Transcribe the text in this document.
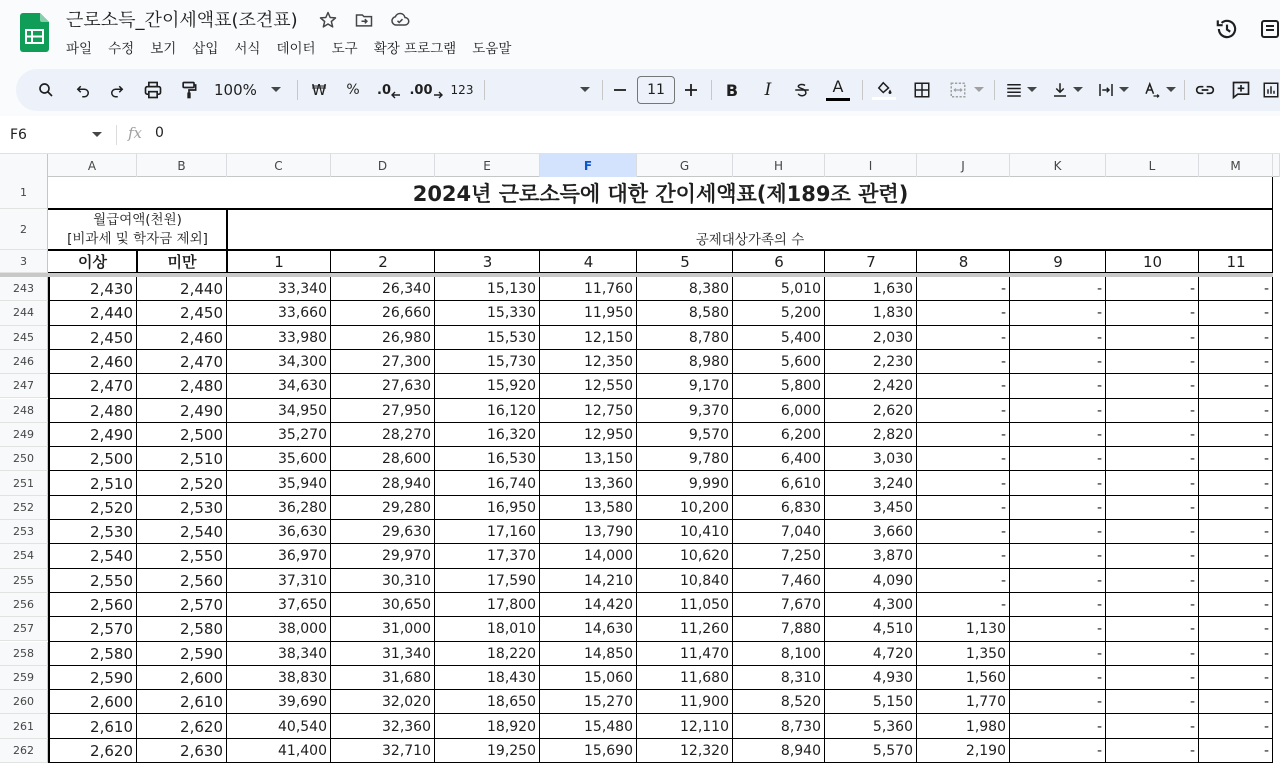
근로소득_간이세액표(조견표)
파일	수정	보기	삽입	서식	데이터	도구	확장 프로그램	도움말
100%	₩	%	.0 .00 123	11	B	I	A
F6	fx
0
A	B	C	D	E	F	G	H	I	J	K	L	M
1
2
3
2024년 근로소득에 대한 간이세액표(제189조 관련)
월급여액(천원)
[비과세 및 학자금 제외]	공제대상가족의 수
이상	미만	1	2	3	4	5	6	7	8	9	10	11
243	2,430	2,440	33,340	26,340	15,130	11,760	8,380	5,010	1,630	-	-	-	-
244	2,440	2,450	33,660	26,660	15,330	11,950	8,580	5,200	1,830	-	-	-	-
245	2,450	2,460	33,980	26,980	15,530	12,150	8,780	5,400	2,030	-	-	-	-
246	2,460	2,470	34,300	27,300	15,730	12,350	8,980	5,600	2,230	-	-	-	-
247	2,470	2,480	34,630	27,630	15,920	12,550	9,170	5,800	2,420	-	-	-	-
248	2,480	2,490	34,950	27,950	16,120	12,750	9,370	6,000	2,620	-	-	-	-
249	2,490	2,500	35,270	28,270	16,320	12,950	9,570	6,200	2,820	-	-	-	-
250	2,500	2,510	35,600	28,600	16,530	13,150	9,780	6,400	3,030	-	-	-	-
251	2,510	2,520	35,940	28,940	16,740	13,360	9,990	6,610	3,240	-	-	-	-
252	2,520	2,530	36,280	29,280	16,950	13,580	10,200	6,830	3,450	-	-	-	-
253	2,530	2,540	36,630	29,630	17,160	13,790	10,410	7,040	3,660	-	-	-	-
254	2,540	2,550	36,970	29,970	17,370	14,000	10,620	7,250	3,870	-	-	-	-
255	2,550	2,560	37,310	30,310	17,590	14,210	10,840	7,460	4,090	-	-	-	-
256	2,560	2,570	37,650	30,650	17,800	14,420	11,050	7,670	4,300	-	-	-	-
257	2,570	2,580	38,000	31,000	18,010	14,630	11,260	7,880	4,510	1,130	-	-	-
258	2,580	2,590	38,340	31,340	18,220	14,850	11,470	8,100	4,720	1,350	-	-	-
259	2,590	2,600	38,830	31,680	18,430	15,060	11,680	8,310	4,930	1,560	-	-	-
260	2,600	2,610	39,690	32,020	18,650	15,270	11,900	8,520	5,150	1,770	-	-	-
261	2,610	2,620	40,540	32,360	18,920	15,480	12,110	8,730	5,360	1,980	-	-	-
262	2,620	2,630	41,400	32,710	19,250	15,690	12,320	8,940	5,570	2,190	-	-	-
